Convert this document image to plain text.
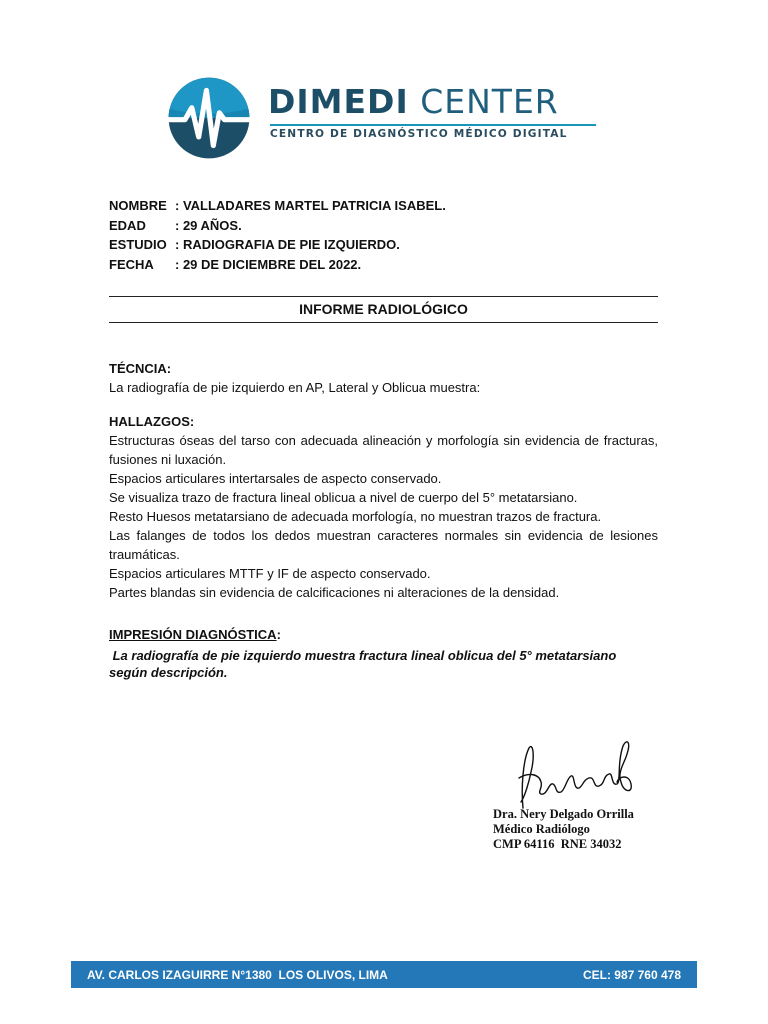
DIMEDI CENTER
CENTRO DE DIAGNÓSTICO MÉDICO DIGITAL
NOMBRE : VALLADARES MARTEL PATRICIA ISABEL.
EDAD	: 29 AÑOS.
ESTUDIO : RADIOGRAFIA DE PIE IZQUIERDO.
FECHA	: 29 DE DICIEMBRE DEL 2022.
INFORME RADIOLÓGICO

TÉCNCIA:

La radiografía de pie izquierdo en AP, Lateral y Oblicua muestra:

HALLAZGOS:

Estructuras óseas del tarso con adecuada alineación y morfología sin evidencia de fracturas, fusiones ni luxación.

Espacios articulares intertarsales de aspecto conservado.

Se visualiza trazo de fractura lineal oblicua a nivel de cuerpo del 5° metatarsiano.

Resto Huesos metatarsiano de adecuada morfología, no muestran trazos de fractura.

Las falanges de todos los dedos muestran caracteres normales sin evidencia de lesiones traumáticas.

Espacios articulares MTTF y IF de aspecto conservado.

Partes blandas sin evidencia de calcificaciones ni alteraciones de la densidad.

IMPRESIÓN DIAGNÓSTICA:

La radiografía de pie izquierdo muestra fractura lineal oblicua del 5° metatarsiano
según descripción.
Dra. Nery Delgado Orrilla
Médico Radiólogo
CMP 64116  RNE 34032
AV. CARLOS IZAGUIRRE N°1380  LOS OLIVOS, LIMA	CEL: 987 760 478
